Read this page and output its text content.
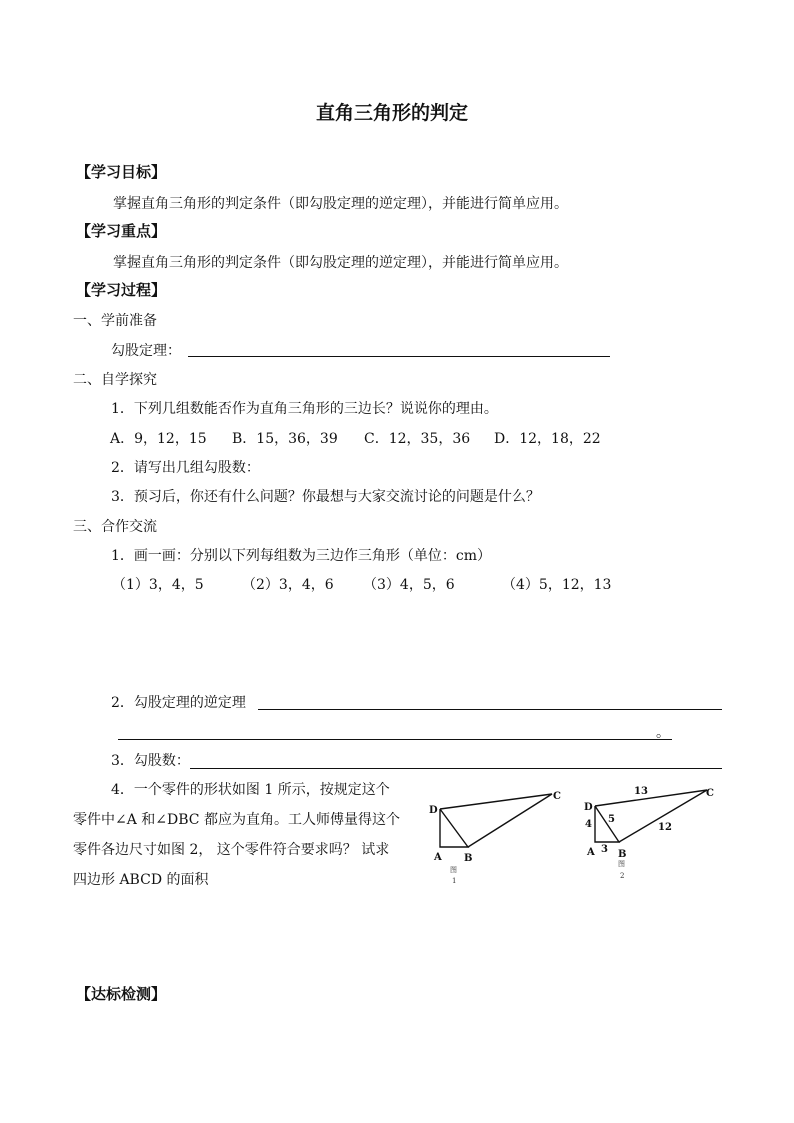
直角三角形的判定
【学习目标】
掌握直角三角形的判定条件（即勾股定理的逆定理），并能进行简单应用。
【学习重点】
掌握直角三角形的判定条件（即勾股定理的逆定理），并能进行简单应用。
【学习过程】
一、学前准备
勾股定理：
二、自学探究
1．下列几组数能否作为直角三角形的三边长？说说你的理由。
A．9，12，15 B．15，36，39 C．12，35，36 D．12，18，22
2．请写出几组勾股数：
3．预习后，你还有什么问题？你最想与大家交流讨论的问题是什么？
三、合作交流
1．画一画：分别以下列每组数为三边作三角形（单位：cm）
（1）3，4，5	（2）3，4，6 （3）4，5，6	（4）5，12，13
2．勾股定理的逆定理
。
3．勾股数：
4．一个零件的形状如图 1 所示，按规定这个
零件中∠A 和∠DBC 都应为直角。工人师傅量得这个
零件各边尺寸如图 2， 这个零件符合要求吗？ 试求
四边形 ABCD 的面积
D
C
A B
图
1
D
C
A B
4
3
5
12
13
图
2
【达标检测】
